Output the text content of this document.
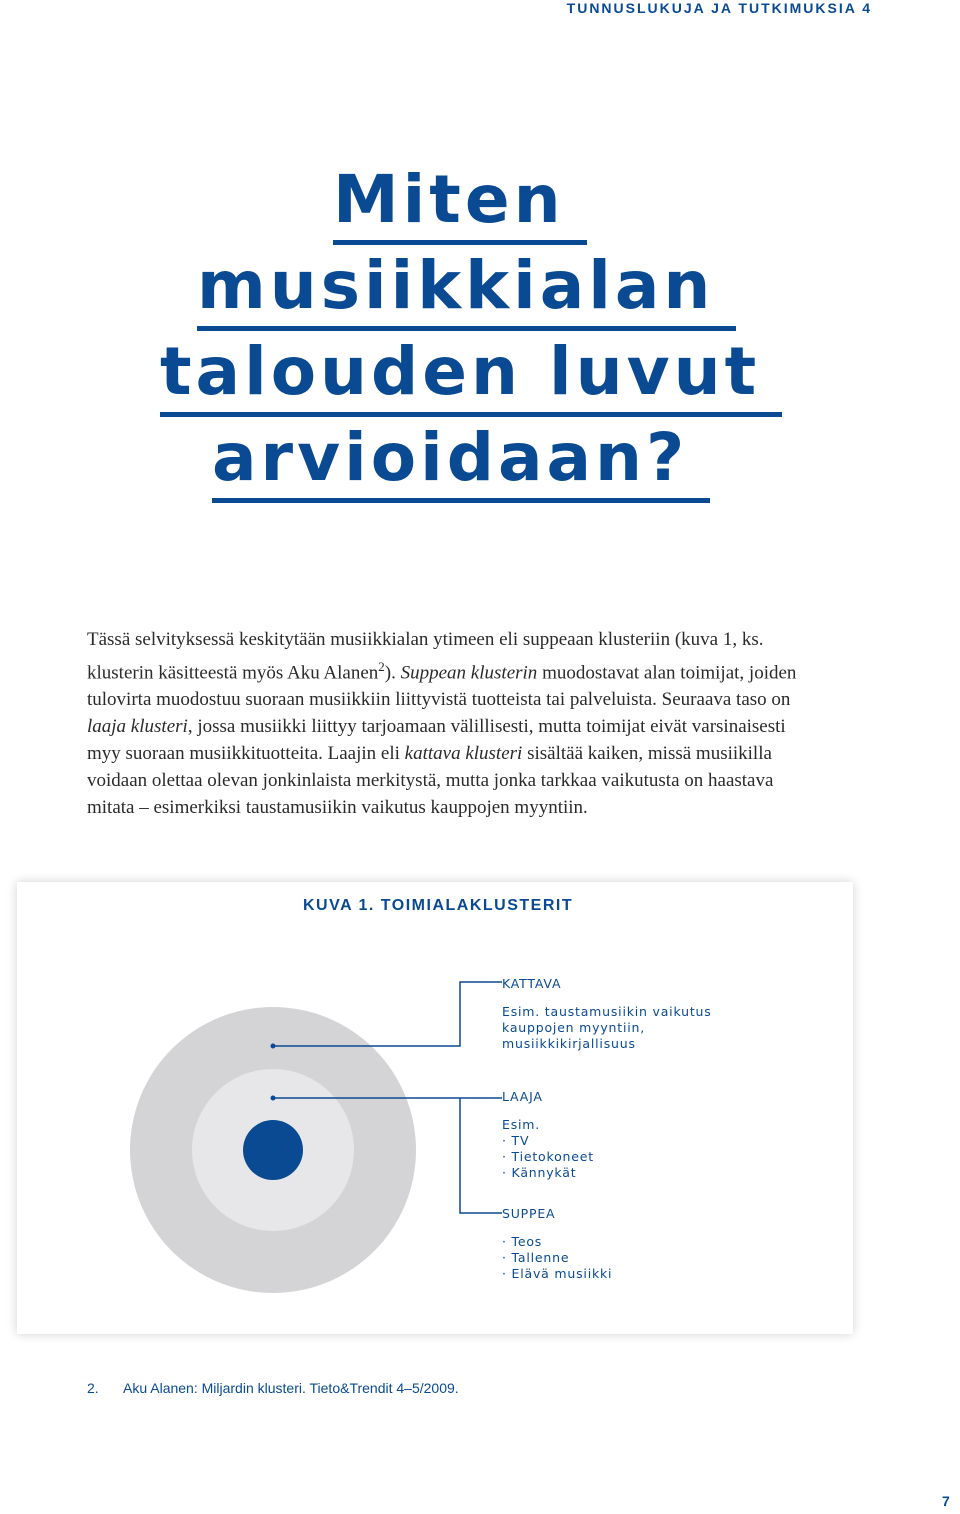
TUNNUSLUKUJA JA TUTKIMUKSIA 4
Miten
musiikkialan
talouden luvut
arvioidaan?
Tässä selvityksessä keskitytään musiikkialan ytimeen eli suppeaan klusteriin (kuva 1, ks. klusterin käsitteestä myös Aku Alanen$^2$). Suppean klusterin muodostavat alan toimijat, joiden tulovirta muodostuu suoraan musiikkiin liittyvistä tuotteista tai palveluista. Seuraava taso on laaja klusteri, jossa musiikki liittyy tarjoamaan välillisesti, mutta toimijat eivät varsinaisesti myy suoraan musiikkituotteita. Laajin eli kattava klusteri sisältää kaiken, missä musiikilla voidaan olettaa olevan jonkinlaista merkitystä, mutta jonka tarkkaa vaikutusta on haastava mitata – esimerkiksi taustamusiikin vaikutus kauppojen myyntiin.
KUVA 1. TOIMIALAKLUSTERIT
KATTAVA
Esim. taustamusiikin vaikutus
kauppojen myyntiin,
musiikkikirjallisuus
LAAJA
Esim.
· TV
· Tietokoneet
· Kännykät
SUPPEA
· Teos
· Tallenne
· Elävä musiikki
2. Aku Alanen: Miljardin klusteri. Tieto&Trendit 4–5/2009.
7
